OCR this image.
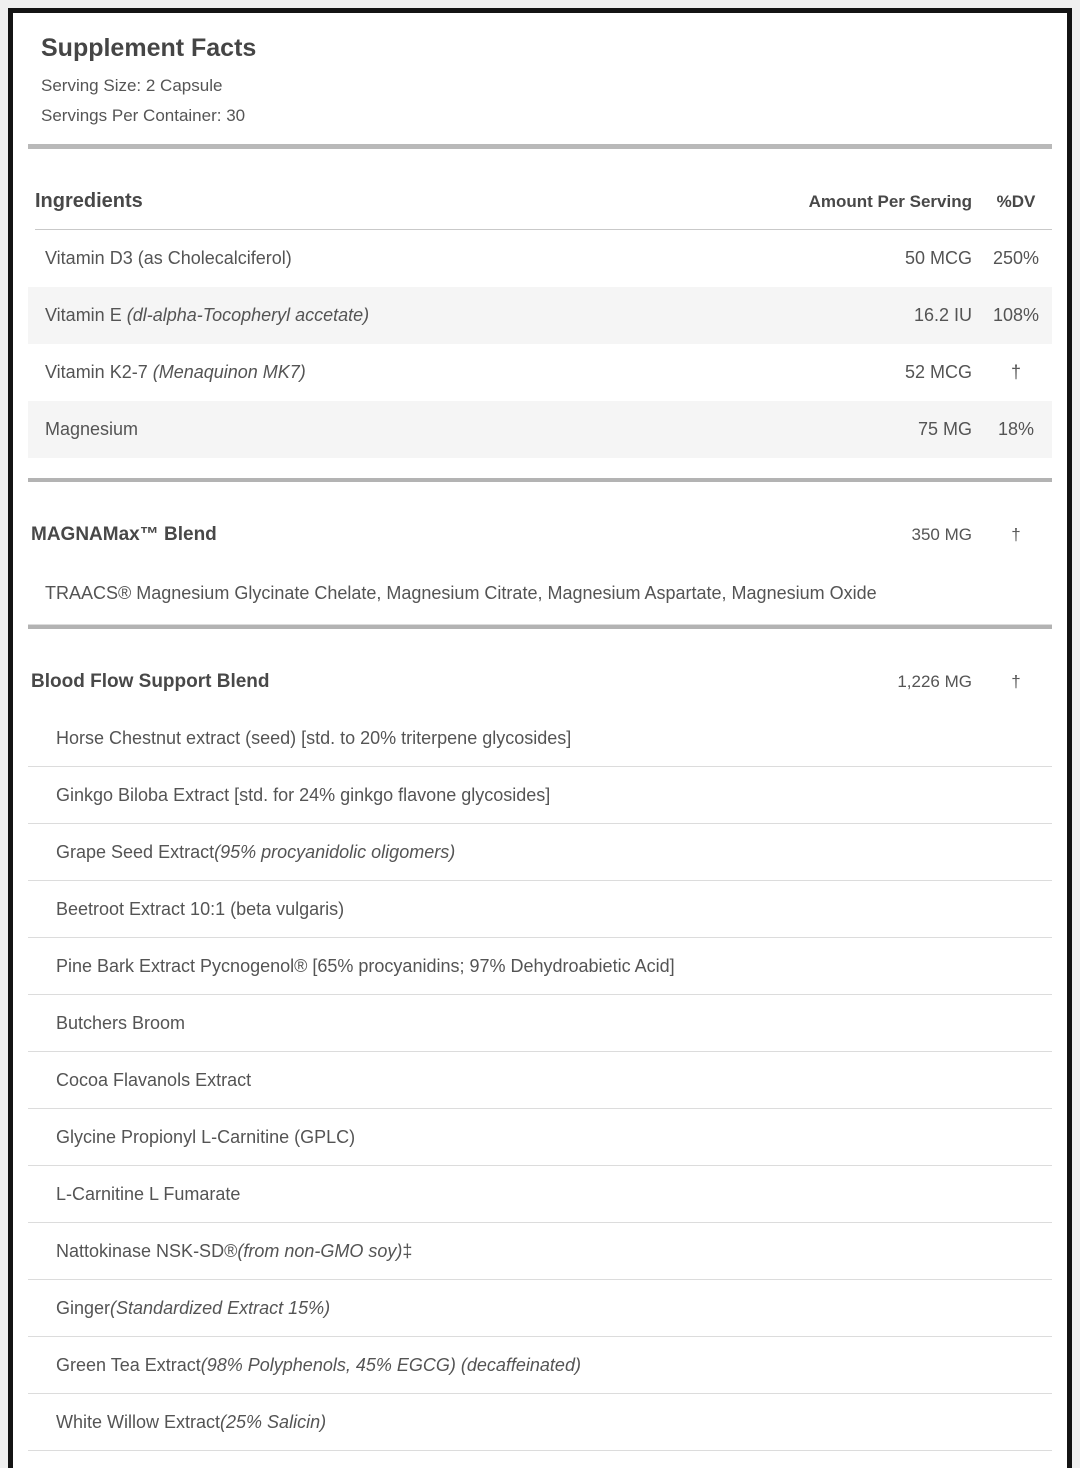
Supplement Facts
Serving Size: 2 Capsule
Servings Per Container: 30
Ingredients	Amount Per Serving	%DV
Vitamin D3 (as Cholecalciferol)	50 MCG	250%
Vitamin E (dl-alpha-Tocopheryl accetate)	16.2 IU	108%
Vitamin K2-7 (Menaquinon MK7)	52 MCG	†
Magnesium	75 MG	18%
MAGNAMax™ Blend	350 MG	†
TRAACS® Magnesium Glycinate Chelate, Magnesium Citrate, Magnesium Aspartate, Magnesium Oxide
Blood Flow Support Blend	1,226 MG	†
Horse Chestnut extract (seed) [std. to 20% triterpene glycosides]
Ginkgo Biloba Extract [std. for 24% ginkgo flavone glycosides]
Grape Seed Extract (95% procyanidolic oligomers)
Beetroot Extract 10:1 (beta vulgaris)
Pine Bark Extract Pycnogenol® [65% procyanidins; 97% Dehydroabietic Acid]
Butchers Broom
Cocoa Flavanols Extract
Glycine Propionyl L-Carnitine (GPLC)
L-Carnitine L Fumarate
Nattokinase NSK-SD® (from non-GMO soy) ‡
Ginger (Standardized Extract 15%)
Green Tea Extract (98% Polyphenols, 45% EGCG) (decaffeinated)
White Willow Extract (25% Salicin)
